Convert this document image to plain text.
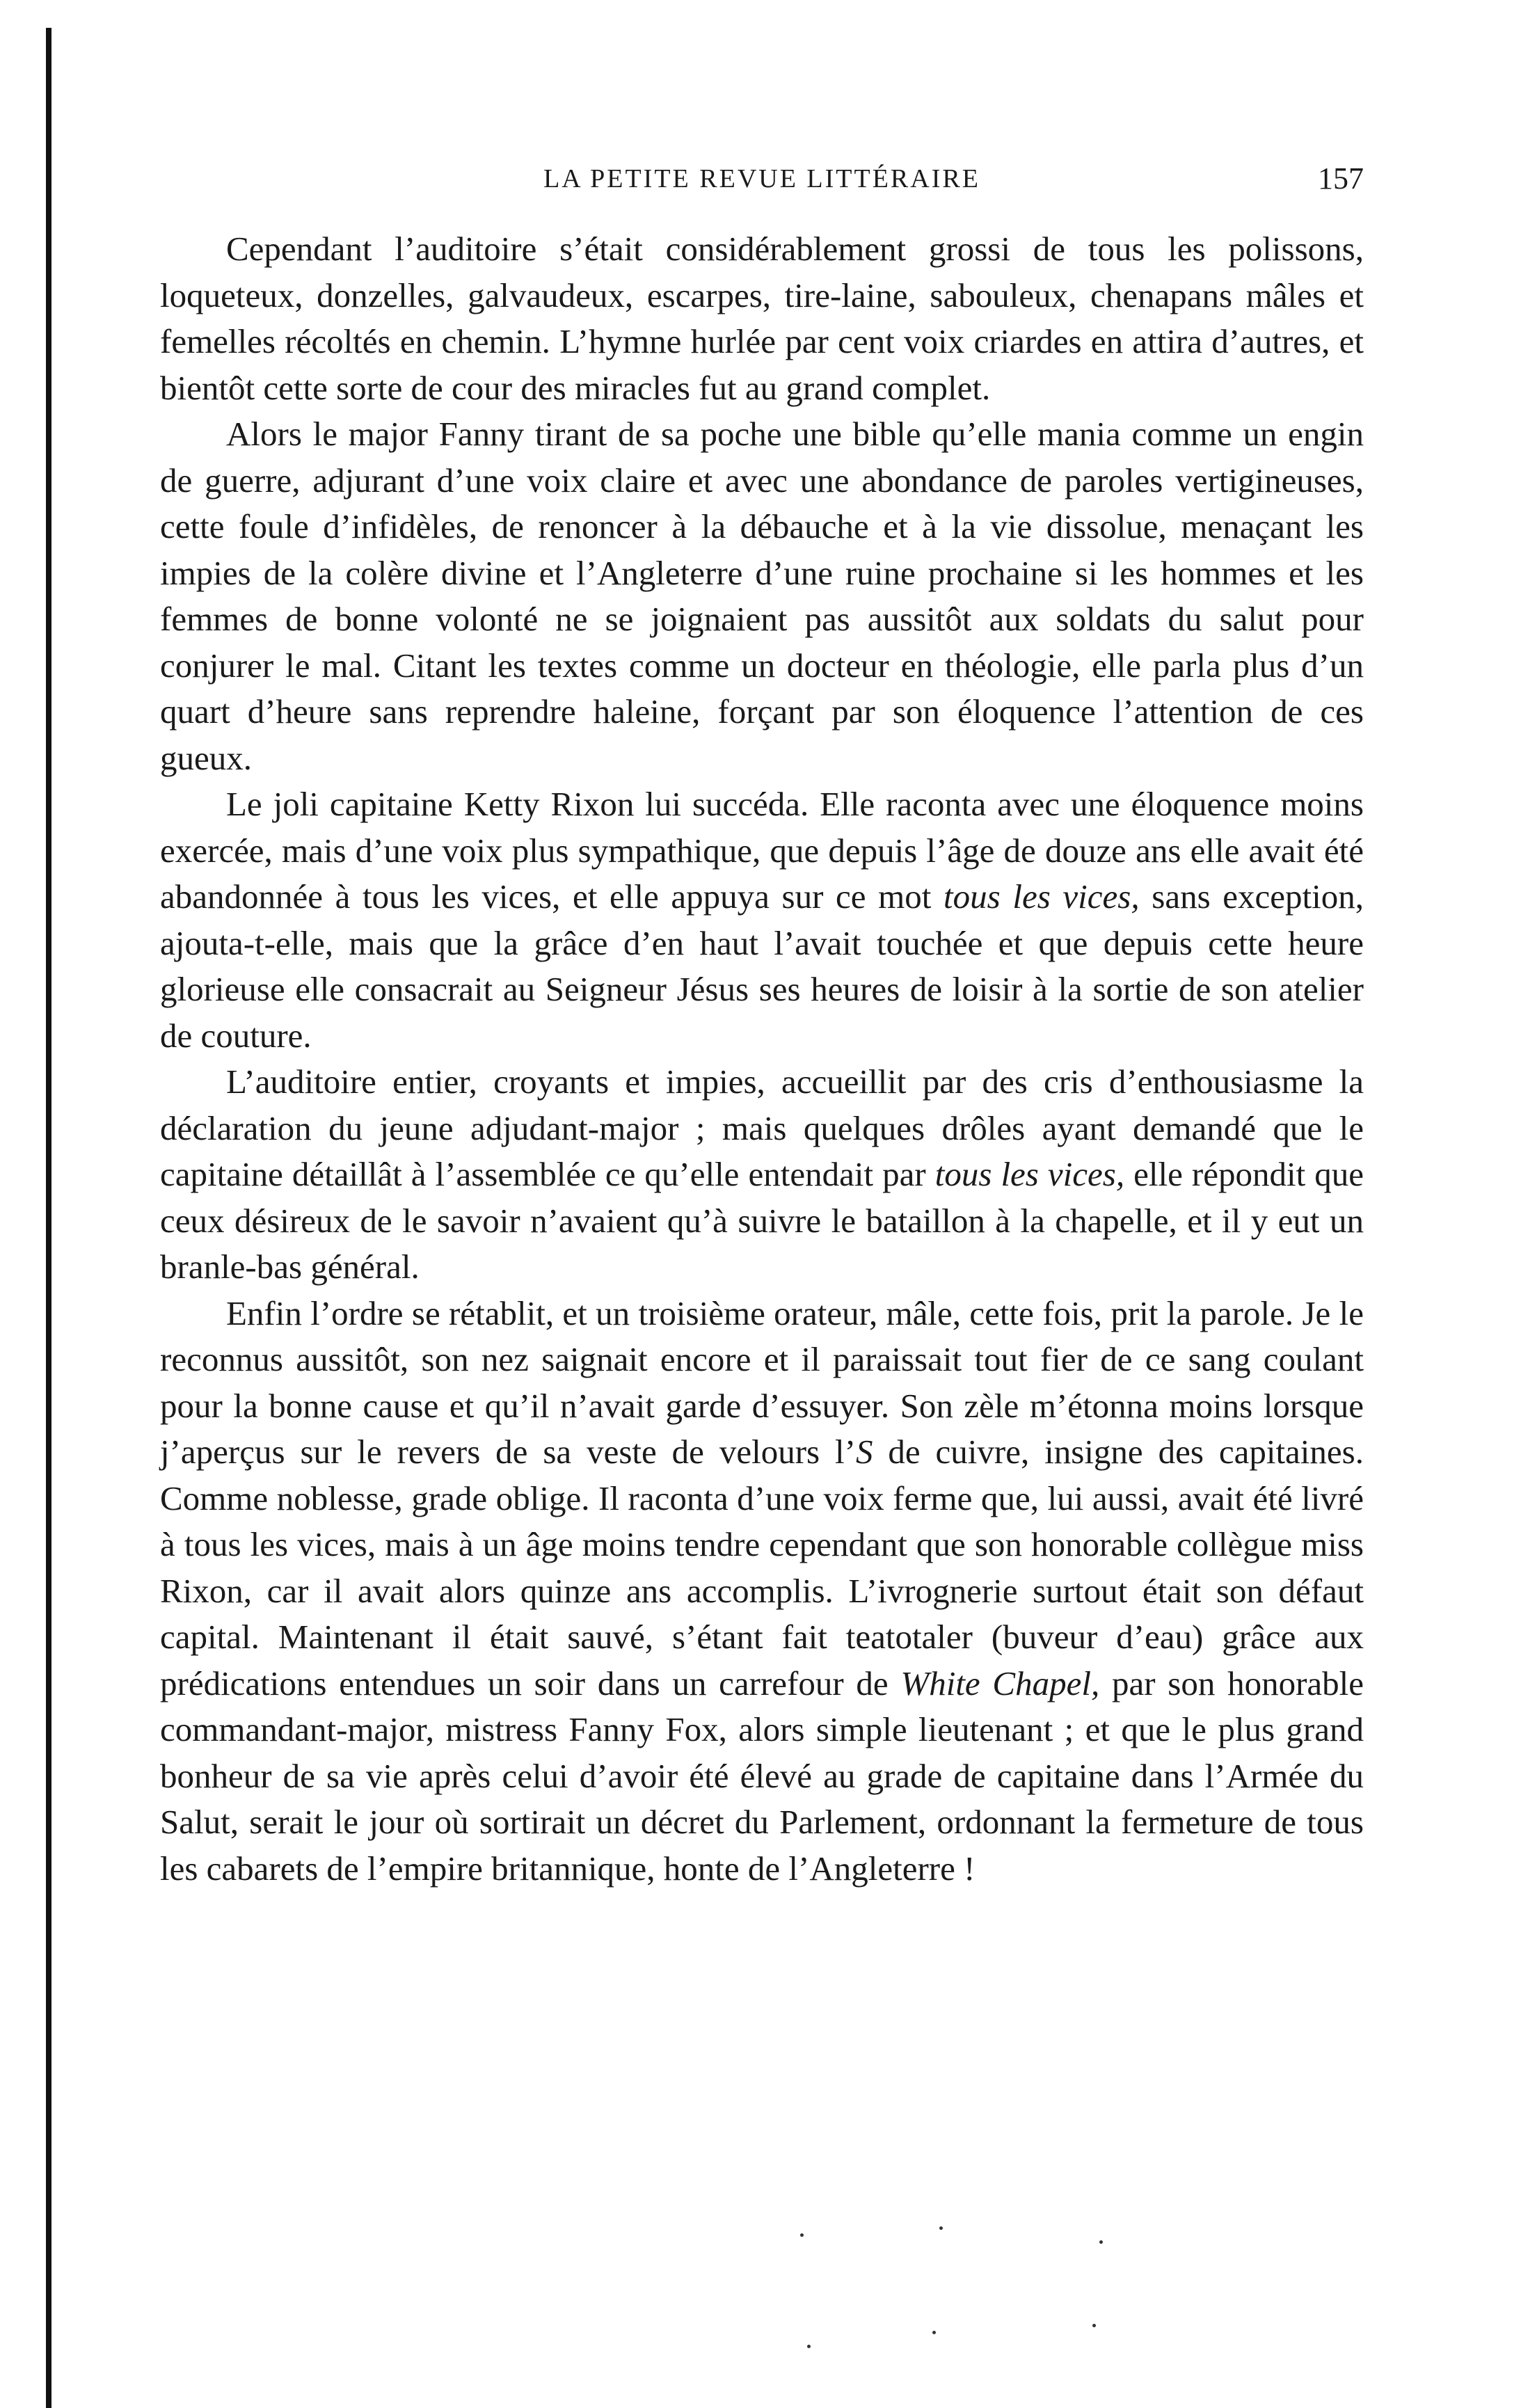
LA PETITE REVUE LITTÉRAIRE	157

Cependant l’auditoire s’était considérablement grossi de tous les polissons, loqueteux, donzelles, galvaudeux, escarpes, tire-laine, sabouleux, chenapans mâles et femelles récoltés en chemin. L’hymne hurlée par cent voix criardes en attira d’autres, et bientôt cette sorte de cour des miracles fut au grand complet.

Alors le major Fanny tirant de sa poche une bible qu’elle mania comme un engin de guerre, adjurant d’une voix claire et avec une abondance de paroles vertigineuses, cette foule d’infidèles, de renoncer à la débauche et à la vie dissolue, menaçant les impies de la colère divine et l’Angleterre d’une ruine prochaine si les hommes et les femmes de bonne volonté ne se joignaient pas aussitôt aux soldats du salut pour conjurer le mal. Citant les textes comme un docteur en théologie, elle parla plus d’un quart d’heure sans reprendre haleine, forçant par son éloquence l’attention de ces gueux.

Le joli capitaine Ketty Rixon lui succéda. Elle raconta avec une éloquence moins exercée, mais d’une voix plus sympathique, que depuis l’âge de douze ans elle avait été abandonnée à tous les vices, et elle appuya sur ce mot tous les vices, sans exception, ajouta-t-elle, mais que la grâce d’en haut l’avait touchée et que depuis cette heure glorieuse elle consacrait au Seigneur Jésus ses heures de loisir à la sortie de son atelier de couture.

L’auditoire entier, croyants et impies, accueillit par des cris d’enthousiasme la déclaration du jeune adjudant-major ; mais quelques drôles ayant demandé que le capitaine détaillât à l’assemblée ce qu’elle entendait par tous les vices, elle répondit que ceux désireux de le savoir n’avaient qu’à suivre le bataillon à la chapelle, et il y eut un branle-bas général.

Enfin l’ordre se rétablit, et un troisième orateur, mâle, cette fois, prit la parole. Je le reconnus aussitôt, son nez saignait encore et il paraissait tout fier de ce sang coulant pour la bonne cause et qu’il n’avait garde d’essuyer. Son zèle m’étonna moins lorsque j’aperçus sur le revers de sa veste de velours l’S de cuivre, insigne des capitaines. Comme noblesse, grade oblige. Il raconta d’une voix ferme que, lui aussi, avait été livré à tous les vices, mais à un âge moins tendre cependant que son honorable collègue miss Rixon, car il avait alors quinze ans accomplis. L’ivrognerie surtout était son défaut capital. Maintenant il était sauvé, s’étant fait teatotaler (buveur d’eau) grâce aux prédications entendues un soir dans un carrefour de White Chapel, par son honorable commandant-major, mistress Fanny Fox, alors simple lieutenant ; et que le plus grand bonheur de sa vie après celui d’avoir été élevé au grade de capitaine dans l’Armée du Salut, serait le jour où sortirait un décret du Parlement, ordonnant la fermeture de tous les cabarets de l’empire britannique, honte de l’Angleterre !
